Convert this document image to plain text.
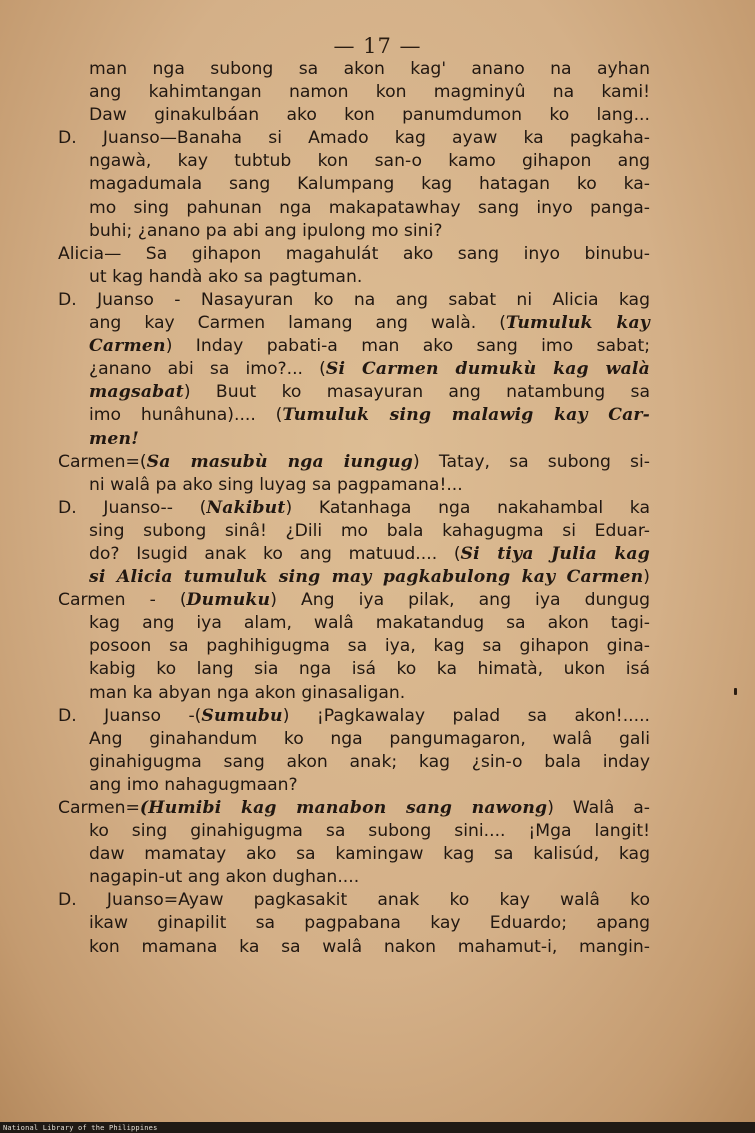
— 17 —
man nga subong sa akon kag' anano na ayhan
ang kahimtangan namon kon magminyû na kami!
Daw ginakulbáan ako kon panumdumon ko lang...
D. Juanso—Banaha si Amado kag ayaw ka pagkaha-
ngawà, kay tubtub kon san-o kamo gihapon ang
magadumala sang Kalumpang kag hatagan ko ka-
mo sing pahunan nga makapatawhay sang inyo panga-
buhi; ¿anano pa abi ang ipulong mo sini?
Alicia— Sa gihapon magahulát ako sang inyo binubu-
ut kag handà ako sa pagtuman.
D. Juanso - Nasayuran ko na ang sabat ni Alicia kag
ang kay Carmen lamang ang walà. (Tumuluk kay
Carmen) Inday pabati-a man ako sang imo sabat;
¿anano abi sa imo?... (Si Carmen dumukù kag walà
magsabat) Buut ko masayuran ang natambung sa
imo hunâhuna).... (Tumuluk sing malawig kay Car-
men!
Carmen=(Sa masubù nga iungug) Tatay, sa subong si-
ni walâ pa ako sing luyag sa pagpamana!...
D. Juanso-- (Nakibut) Katanhaga nga nakahambal ka
sing subong sinâ! ¿Dili mo bala kahagugma si Eduar-
do? Isugid anak ko ang matuud.... (Si tiya Julia kag
si Alicia tumuluk sing may pagkabulong kay Carmen)
Carmen - (Dumuku) Ang iya pilak, ang iya dungug
kag ang iya alam, walâ makatandug sa akon tagi-
posoon sa paghihigugma sa iya, kag sa gihapon gina-
kabig ko lang sia nga isá ko ka himatà, ukon isá
man ka abyan nga akon ginasaligan.
D. Juanso -(Sumubu) ¡Pagkawalay palad sa akon!.....
Ang ginahandum ko nga pangumagaron, walâ gali
ginahigugma sang akon anak; kag ¿sin-o bala inday
ang imo nahagugmaan?
Carmen=(Humibi kag manabon sang nawong) Walâ a-
ko sing ginahigugma sa subong sini.... ¡Mga langit!
daw mamatay ako sa kamingaw kag sa kalisúd, kag
nagapin-ut ang akon dughan....
D. Juanso=Ayaw pagkasakit anak ko kay walâ ko
ikaw ginapilit sa pagpabana kay Eduardo; apang
kon mamana ka sa walâ nakon mahamut-i, mangin-
National Library of the Philippines
